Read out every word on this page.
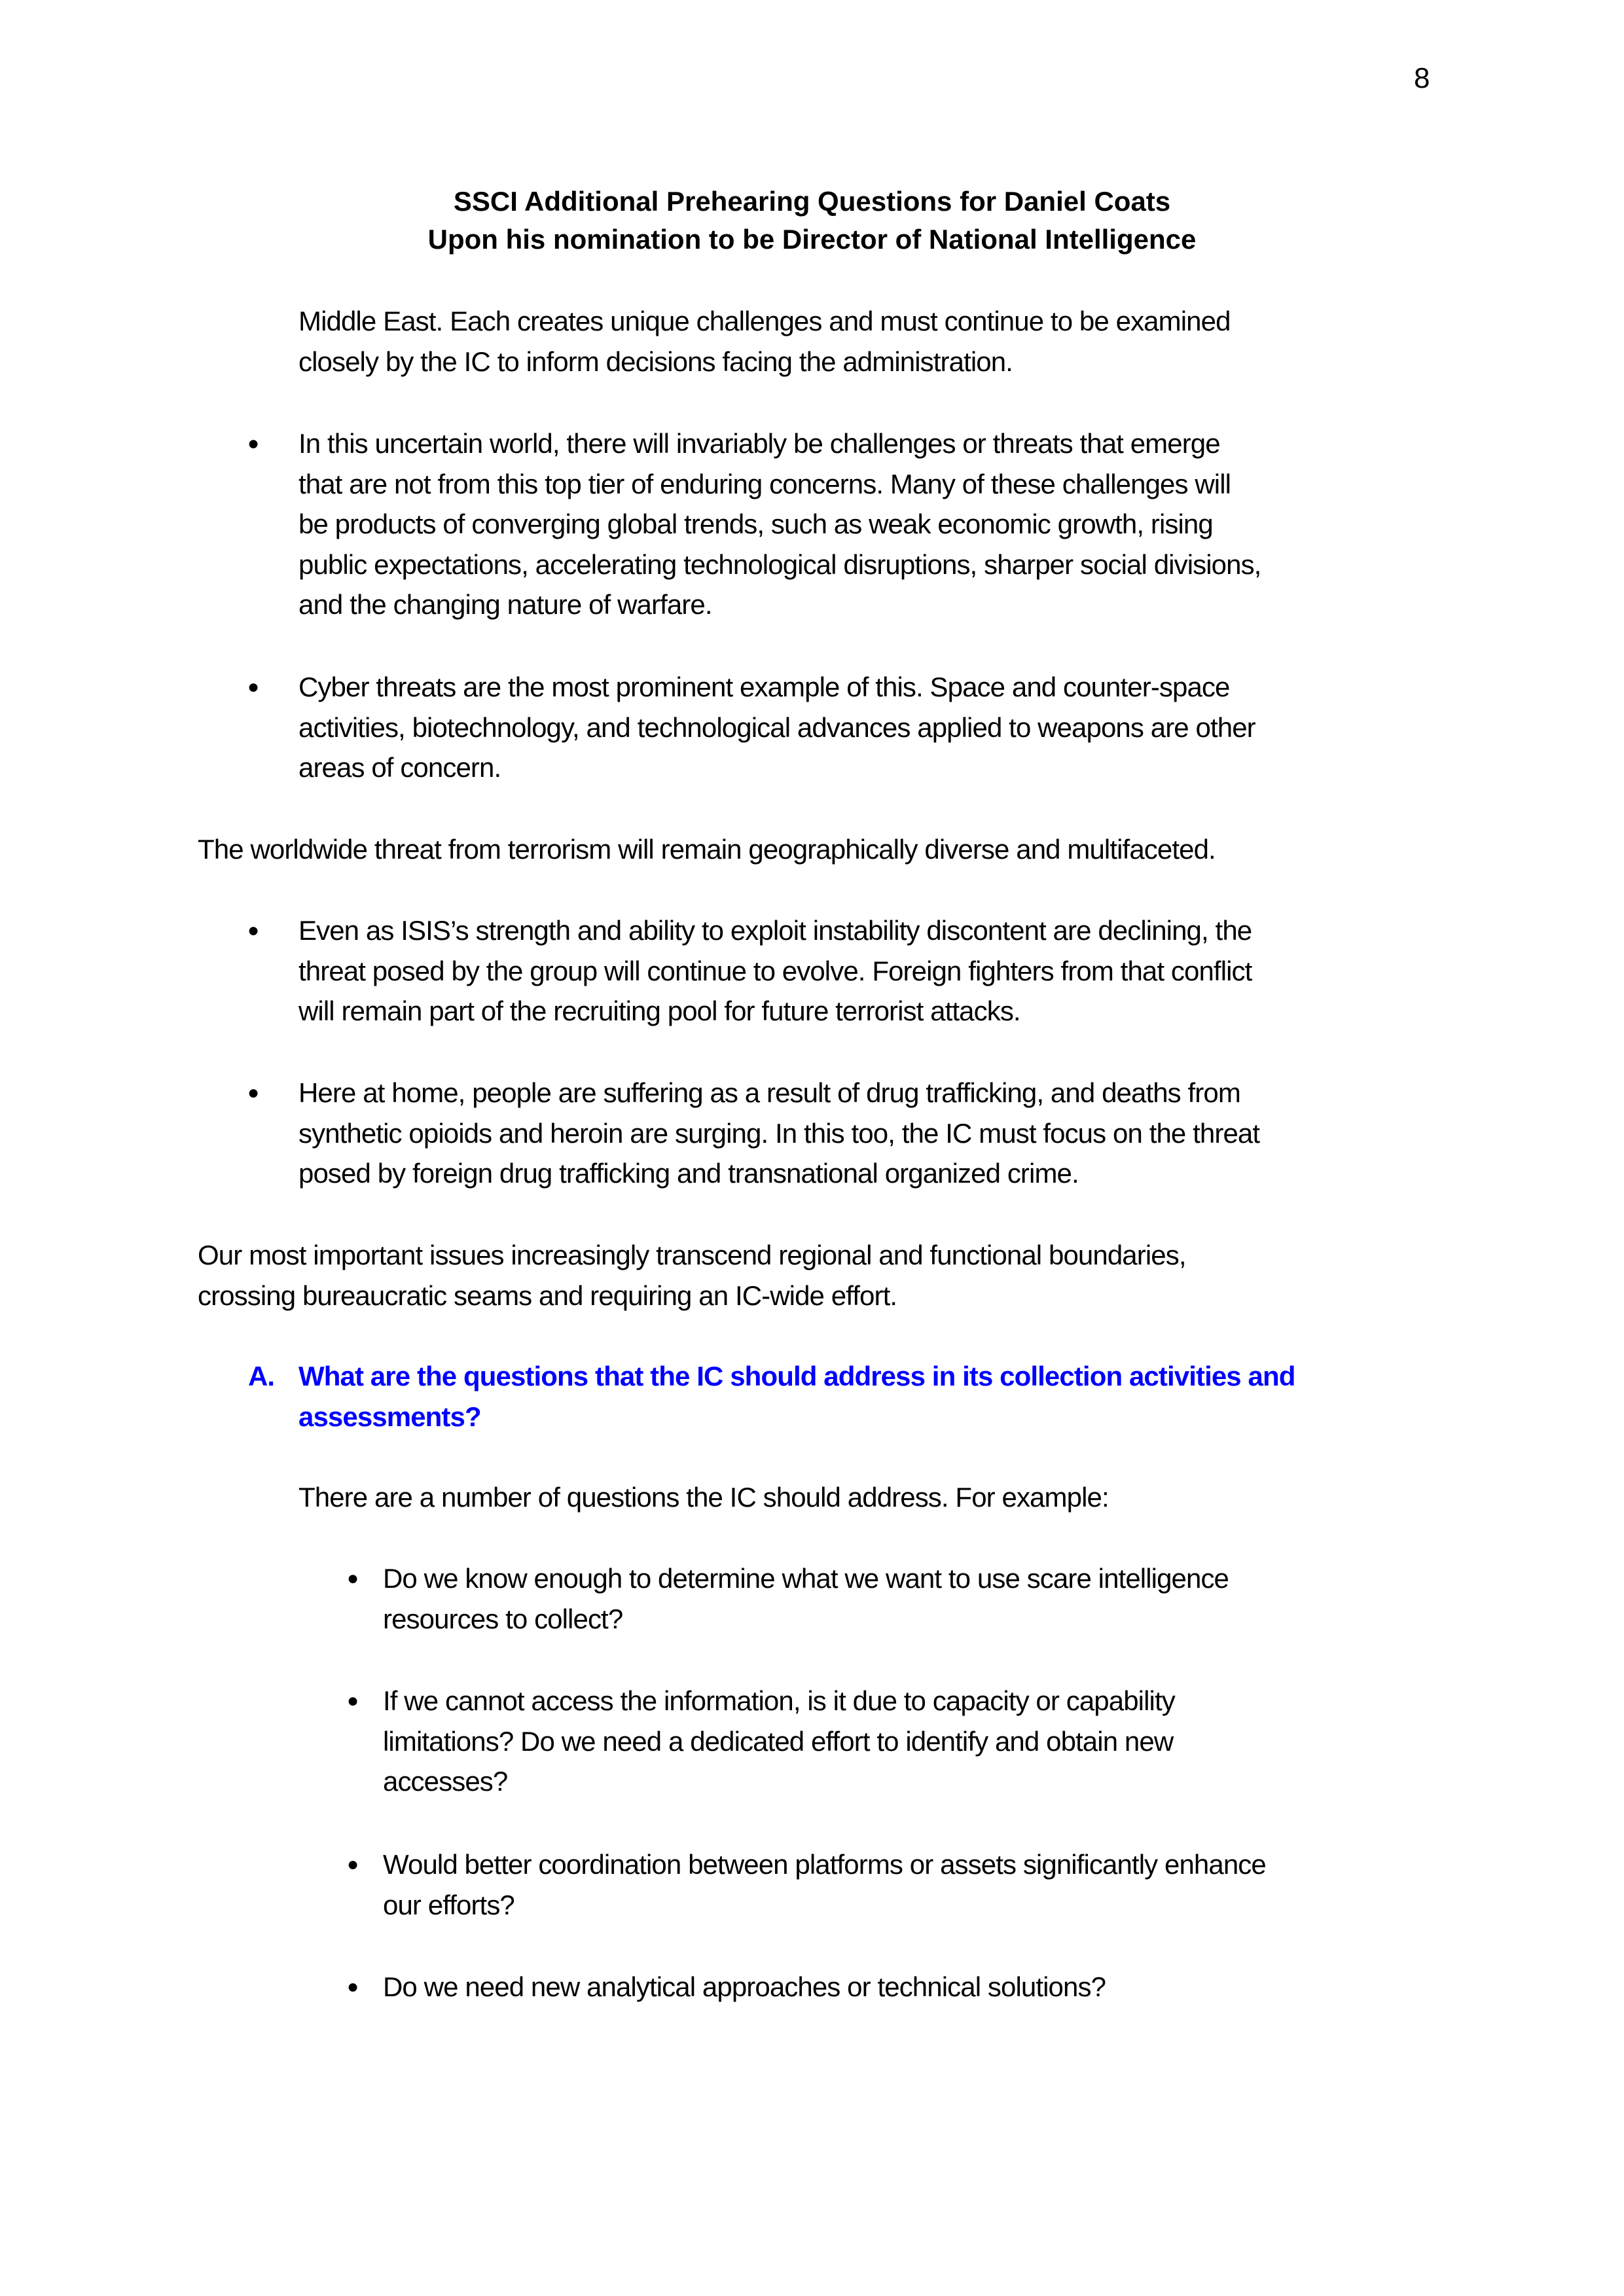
8
SSCI Additional Prehearing Questions for Daniel Coats
Upon his nomination to be Director of National Intelligence
Middle East. Each creates unique challenges and must continue to be examined
closely by the IC to inform decisions facing the administration.
● In this uncertain world, there will invariably be challenges or threats that emerge
that are not from this top tier of enduring concerns. Many of these challenges will
be products of converging global trends, such as weak economic growth, rising
public expectations, accelerating technological disruptions, sharper social divisions,
and the changing nature of warfare.
● Cyber threats are the most prominent example of this. Space and counter-space
activities, biotechnology, and technological advances applied to weapons are other
areas of concern.
The worldwide threat from terrorism will remain geographically diverse and multifaceted.
● Even as ISIS’s strength and ability to exploit instability discontent are declining, the
threat posed by the group will continue to evolve. Foreign fighters from that conflict
will remain part of the recruiting pool for future terrorist attacks.
● Here at home, people are suffering as a result of drug trafficking, and deaths from
synthetic opioids and heroin are surging. In this too, the IC must focus on the threat
posed by foreign drug trafficking and transnational organized crime.
Our most important issues increasingly transcend regional and functional boundaries,
crossing bureaucratic seams and requiring an IC-wide effort.
A. What are the questions that the IC should address in its collection activities and
assessments?
There are a number of questions the IC should address. For example:
● Do we know enough to determine what we want to use scare intelligence
resources to collect?
● If we cannot access the information, is it due to capacity or capability
limitations? Do we need a dedicated effort to identify and obtain new
accesses?
● Would better coordination between platforms or assets significantly enhance
our efforts?
● Do we need new analytical approaches or technical solutions?
